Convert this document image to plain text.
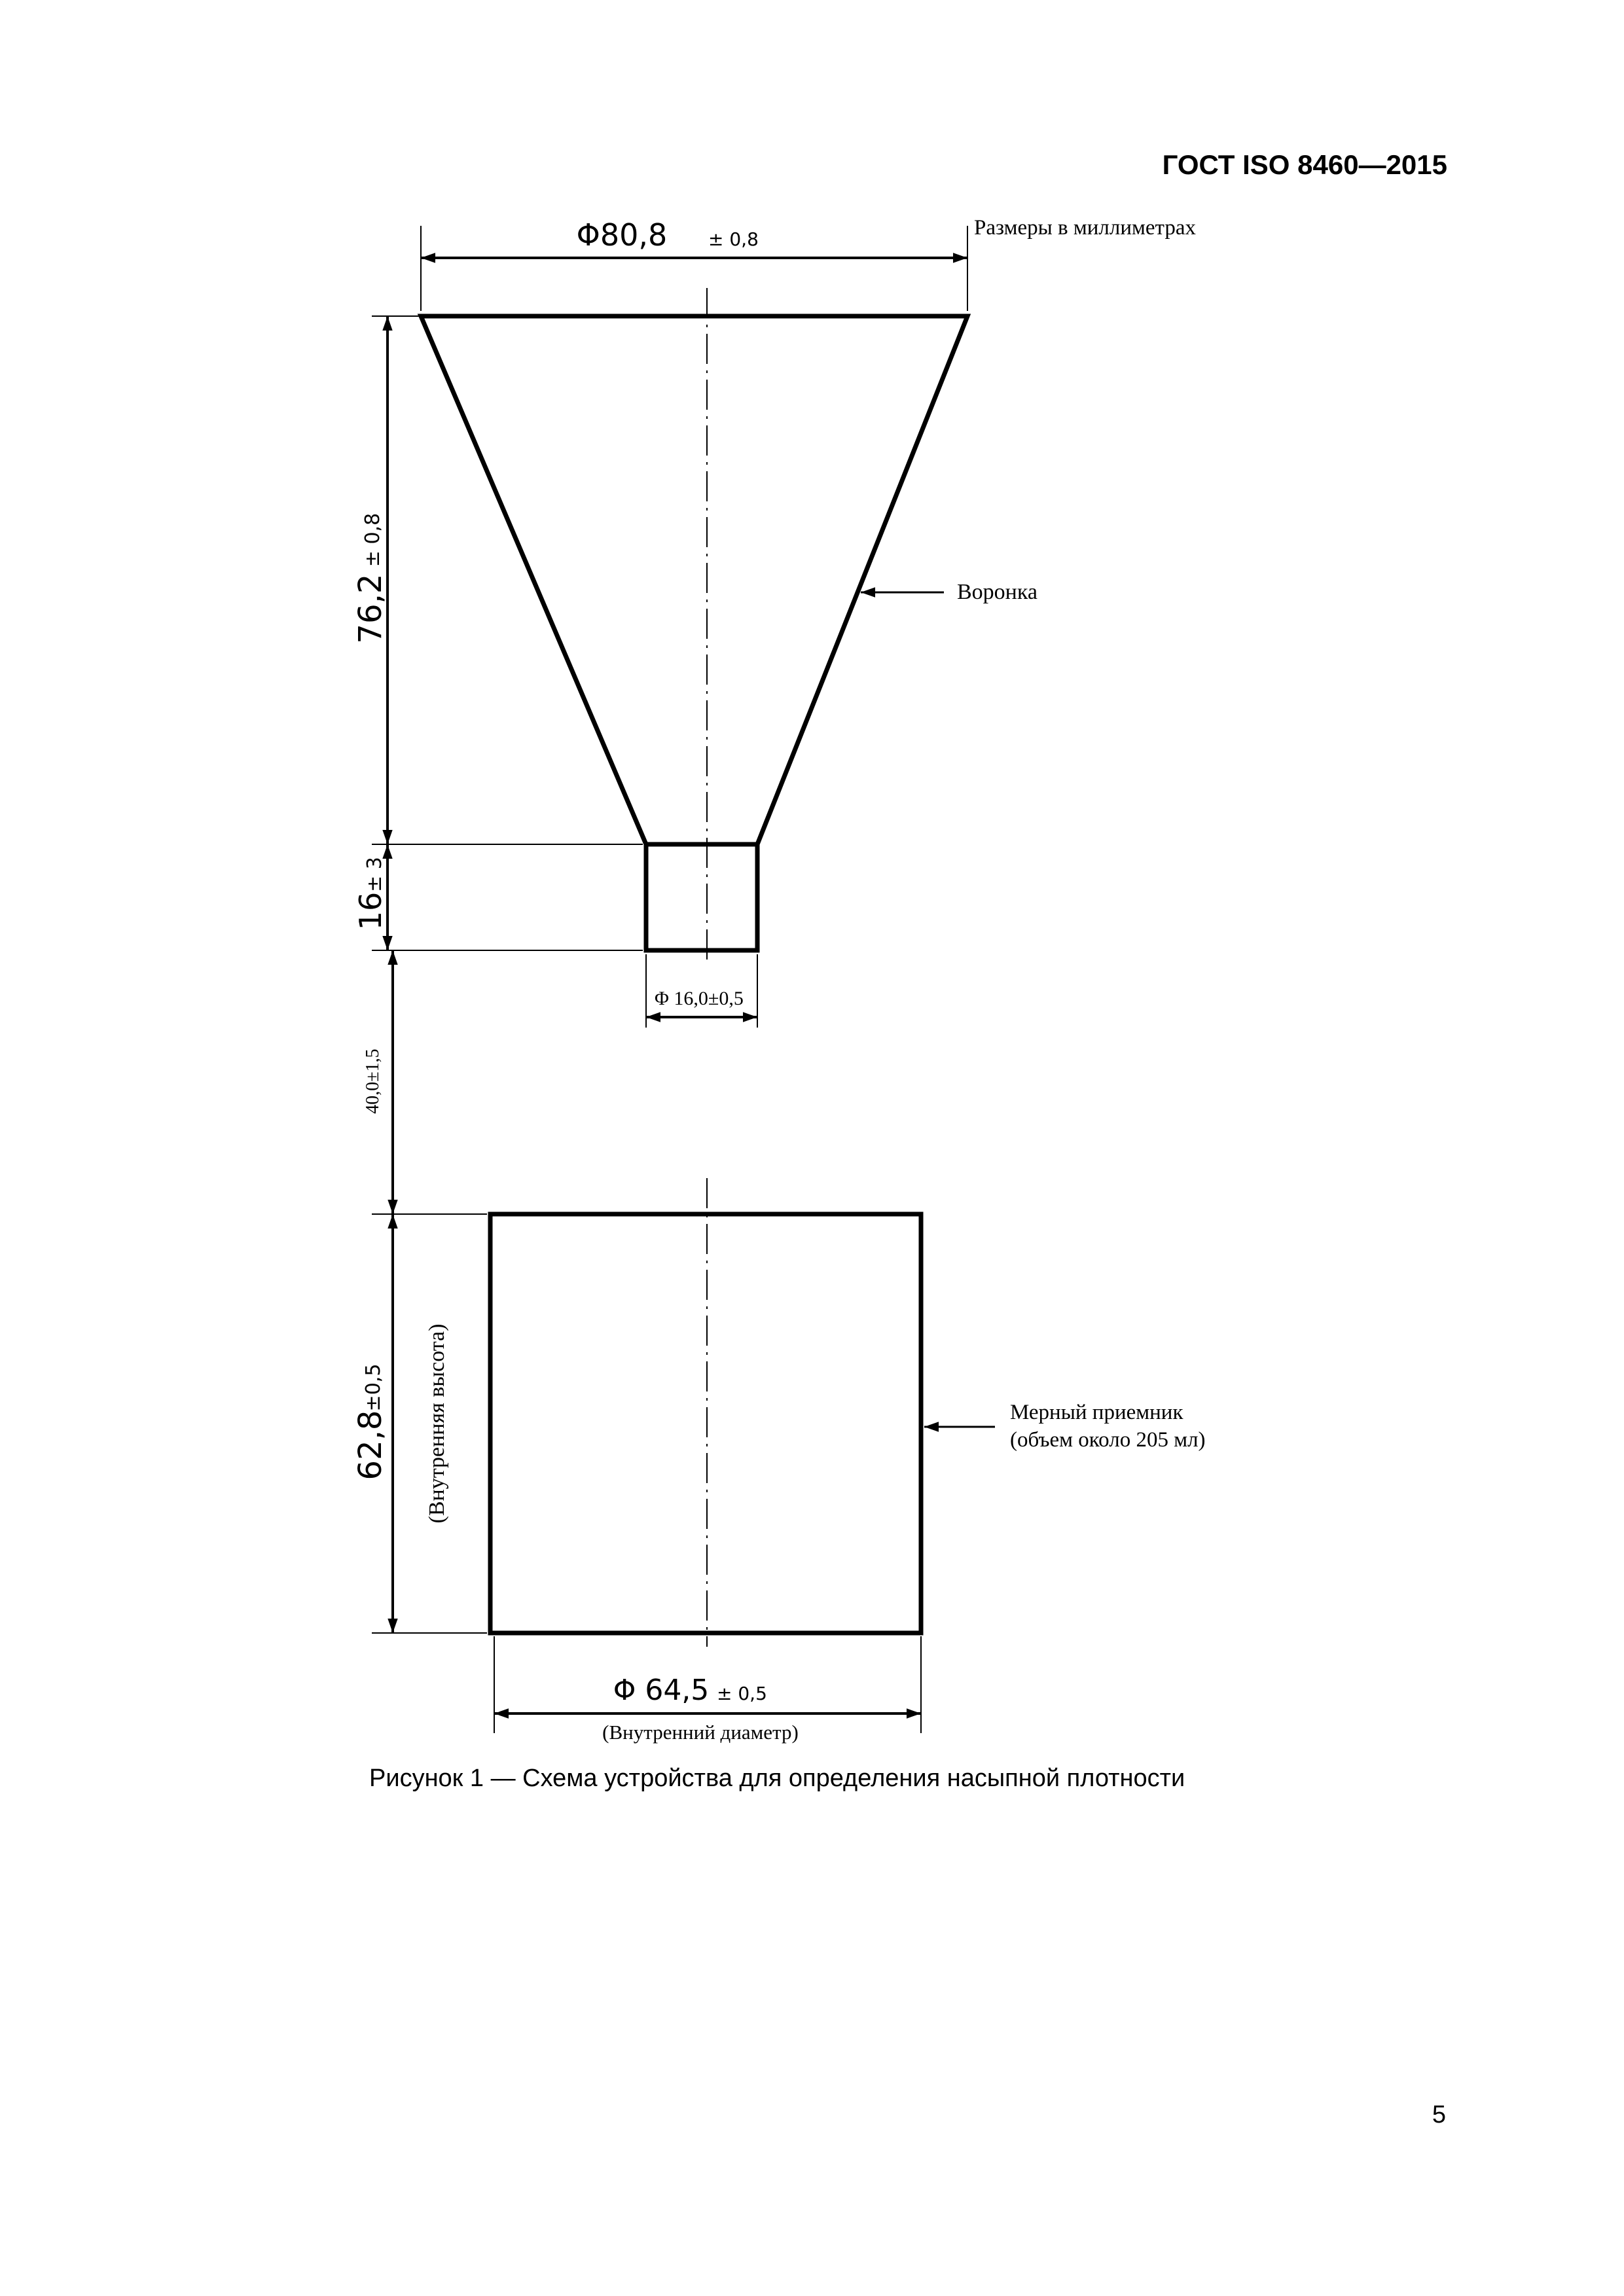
ГОСТ ISO 8460—2015
Размеры в миллиметрах
Φ80,8 ± 0,8
76,2
± 0,8
16
± 3
Φ 16,0±0,5
40,0±1,5
62,8
±0,5 (Внутренняя высота)
Φ 64,5 ± 0,5
(Внутренний диаметр)
Воронка
Мерный приемник
(объем около 205 мл)
Рисунок 1 — Схема устройства для определения насыпной плотности
5
